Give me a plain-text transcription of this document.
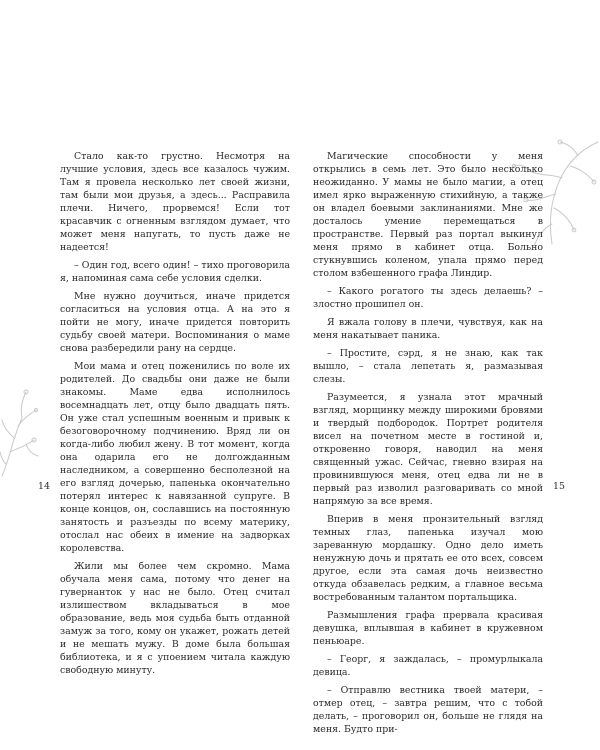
Стало как-то грустно. Несмотря на лучшие условия, здесь все казалось чужим. Там я провела несколько лет своей жизни, там были мои друзья, а здесь... Расправила плечи. Ничего, прорвемся! Если тот красавчик с огненным взглядом думает, что может меня напугать, то пусть даже не надеется!

– Один год, всего один! – тихо проговорила я, напоминая сама себе условия сделки.

Мне нужно доучиться, иначе придется согласиться на условия отца. А на это я пойти не могу, иначе придется повторить судьбу своей матери. Воспоминания о маме снова разбередили рану на сердце.

Мои мама и отец поженились по воле их родителей. До свадьбы они даже не были знакомы. Маме едва исполнилось восемнадцать лет, отцу было двадцать пять. Он уже стал успешным военным и привык к безоговорочному подчинению. Вряд ли он когда-либо любил жену. В тот момент, когда она одарила его не долгожданным наследником, а совершенно бесполезной на его взгляд дочерью, папенька окончательно потерял интерес к навязанной супруге. В конце концов, он, сославшись на постоянную занятость и разъезды по всему материку, отослал нас обеих в имение на задворках королевства.

Жили мы более чем скромно. Мама обучала меня сама, потому что денег на гувернанток у нас не было. Отец считал излишеством вкладываться в мое образование, ведь моя судьба быть отданной замуж за того, кому он укажет, рожать детей и не мешать мужу. В доме была большая библиотека, и я с упоением читала каждую свободную минуту.

Магические способности у меня открылись в семь лет. Это было несколько неожиданно. У мамы не было магии, а отец имел ярко выраженную стихийную, а также он владел боевыми заклинаниями. Мне же досталось умение перемещаться в пространстве. Первый раз портал выкинул меня прямо в кабинет отца. Больно стукнувшись коленом, упала прямо перед столом взбешенного графа Линдир.

– Какого рогатого ты здесь делаешь? – злостно прошипел он.

Я вжала голову в плечи, чувствуя, как на меня накатывает паника.

– Простите, сэрд, я не знаю, как так вышло, – стала лепетать я, размазывая слезы.

Разумеется, я узнала этот мрачный взгляд, морщинку между широкими бровями и твердый подбородок. Портрет родителя висел на почетном месте в гостиной и, откровенно говоря, наводил на меня священный ужас. Сейчас, гневно взирая на провинившуюся меня, отец едва ли не в первый раз изволил разговаривать со мной напрямую за все время.

Вперив в меня пронзительный взгляд темных глаз, папенька изучал мою зареванную мордашку. Одно дело иметь ненужную дочь и прятать ее ото всех, совсем другое, если эта самая дочь неизвестно откуда обзавелась редким, а главное весьма востребованным талантом портальщика.

Размышления графа прервала красивая девушка, вплывшая в кабинет в кружевном пеньюаре.

– Георг, я заждалась, – промурлыкала девица.

– Отправлю вестника твоей матери, – отмер отец, – завтра решим, что с тобой делать, – проговорил он, больше не глядя на меня. Будто при-

14	15
